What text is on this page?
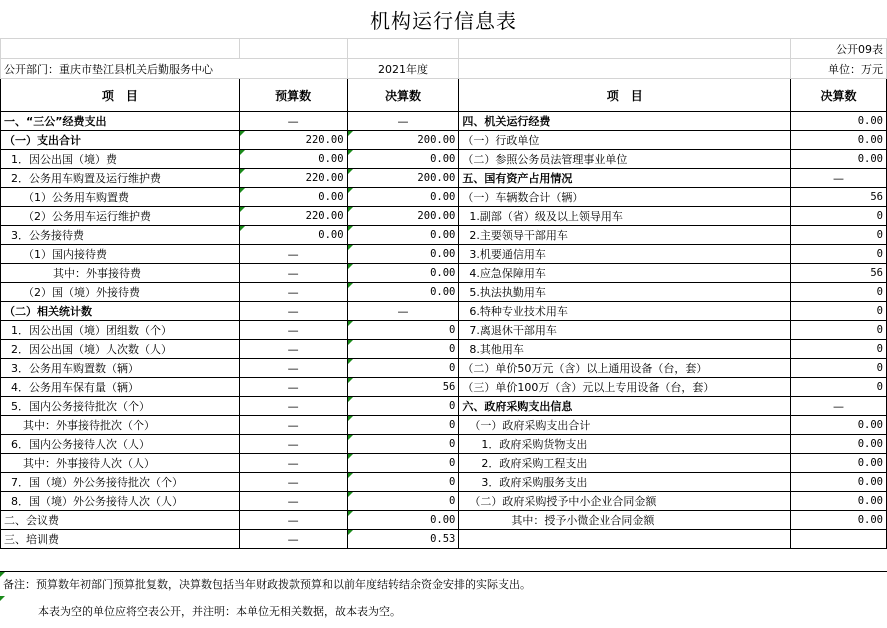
机构运行信息表
				公开09表
公开部门：重庆市垫江县机关后勤服务中心		2021年度		单位：万元
项　目	预算数	决算数	项　目	决算数
一、“三公”经费支出	—	—	四、机关运行经费	0.00
（一）支出合计	220.00	200.00	（一）行政单位	0.00
1．因公出国（境）费	0.00	0.00	（二）参照公务员法管理事业单位	0.00
2．公务用车购置及运行维护费	220.00	200.00	五、国有资产占用情况	—
（1）公务用车购置费	0.00	0.00	（一）车辆数合计（辆）	56
（2）公务用车运行维护费	220.00	200.00	1.副部（省）级及以上领导用车	0
3．公务接待费	0.00	0.00	2.主要领导干部用车	0
（1）国内接待费	—	0.00	3.机要通信用车	0
其中：外事接待费	—	0.00	4.应急保障用车	56
（2）国（境）外接待费	—	0.00	5.执法执勤用车	0
（二）相关统计数	—	—	6.特种专业技术用车	0
1．因公出国（境）团组数（个）	—	0	7.离退休干部用车	0
2．因公出国（境）人次数（人）	—	0	8.其他用车	0
3．公务用车购置数（辆）	—	0	（二）单价50万元（含）以上通用设备（台，套）	0
4．公务用车保有量（辆）	—	56	（三）单价100万（含）元以上专用设备（台，套）	0
5．国内公务接待批次（个）	—	0	六、政府采购支出信息	—
其中：外事接待批次（个）	—	0	（一）政府采购支出合计	0.00
6．国内公务接待人次（人）	—	0	1．政府采购货物支出	0.00
其中：外事接待人次（人）	—	0	2．政府采购工程支出	0.00
7．国（境）外公务接待批次（个）	—	0	3．政府采购服务支出	0.00
8．国（境）外公务接待人次（人）	—	0	（二）政府采购授予中小企业合同金额	0.00
二、会议费	—	0.00	其中：授予小微企业合同金额	0.00
三、培训费	—	0.53		
备注：预算数年初部门预算批复数，决算数包括当年财政拨款预算和以前年度结转结余资金安排的实际支出。
本表为空的单位应将空表公开，并注明：本单位无相关数据，故本表为空。
